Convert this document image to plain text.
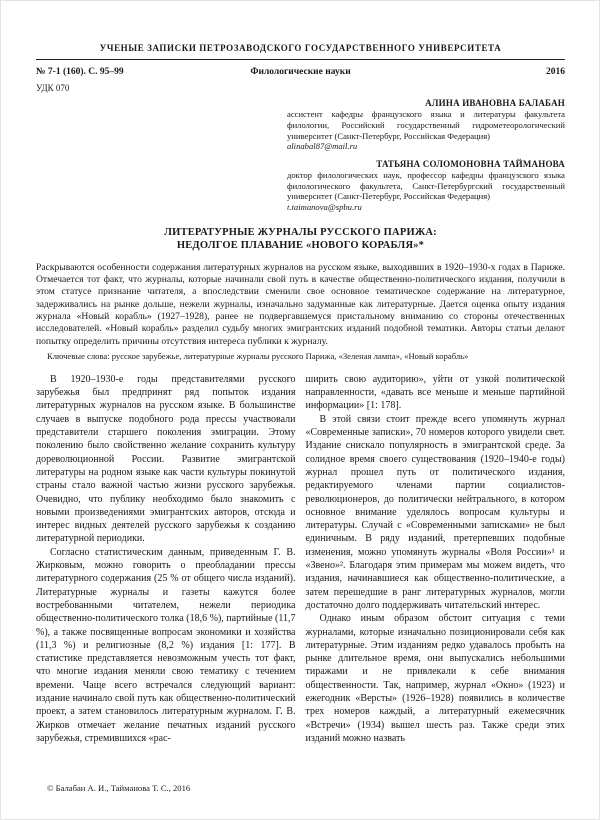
УЧЕНЫЕ ЗАПИСКИ ПЕТРОЗАВОДСКОГО ГОСУДАРСТВЕННОГО УНИВЕРСИТЕТА
№ 7-1 (160). С. 95–99	Филологические науки	2016
УДК 070
АЛИНА ИВАНОВНА БАЛАБАН
ассистент кафедры французского языка и литературы факультета филологии, Российский государственный гидрометеорологический университет (Санкт-Петербург, Российская Федерация)
alinabal87@mail.ru
ТАТЬЯНА СОЛОМОНОВНА ТАЙМАНОВА
доктор филологических наук, профессор кафедры французского языка филологического факультета, Санкт-Петербургский государственный университет (Санкт-Петербург, Российская Федерация)
t.taimanova@spbu.ru
ЛИТЕРАТУРНЫЕ ЖУРНАЛЫ РУССКОГО ПАРИЖА:
НЕДОЛГОЕ ПЛАВАНИЕ «НОВОГО КОРАБЛЯ»*
Раскрываются особенности содержания литературных журналов на русском языке, выходивших в 1920–1930-х годах в Париже. Отмечается тот факт, что журналы, которые начинали свой путь в качестве общественно-политического издания, получили в этом статусе признание читателя, а впоследствии сменили свое основное тематическое содержание на литературное, задерживались на рынке дольше, нежели журналы, изначально задуманные как литературные. Дается оценка опыту издания журнала «Новый корабль» (1927–1928), ранее не подвергавшемуся пристальному вниманию со стороны отечественных исследователей. «Новый корабль» разделил судьбу многих эмигрантских изданий подобной тематики. Авторы статьи делают попытку определить причины отсутствия интереса публики к журналу.
Ключевые слова: русское зарубежье, литературные журналы русского Парижа, «Зеленая лампа», «Новый корабль»

В 1920–1930-е годы представителями русского зарубежья был предпринят ряд попыток издания литературных журналов на русском языке. В большинстве случаев в выпуске подобного рода прессы участвовали представители старшего поколения эмиграции. Этому поколению было свойственно желание сохранить культуру дореволюционной России. Развитие эмигрантской литературы на родном языке как части культуры покинутой страны стало важной частью жизни русского зарубежья. Очевидно, что публику необходимо было знакомить с новыми произведениями эмигрантских авторов, отсюда и интерес видных деятелей русского зарубежья к созданию литературной периодики.

Согласно статистическим данным, приведенным Г. В. Жирковым, можно говорить о преобладании прессы литературного содержания (25 % от общего числа изданий). Литературные журналы и газеты кажутся более востребованными читателем, нежели периодика общественно-политического толка (18,6 %), партийные (11,7 %), а также посвященные вопросам экономики и хозяйства (11,3 %) и религиозные (8,2 %) издания [1: 177]. В статистике представляется невозможным учесть тот факт, что многие издания меняли свою тематику с течением времени. Чаще всего встречался следующий вариант: издание начинало свой путь как общественно-политический проект, а затем становилось литературным журналом. Г. В. Жирков отмечает желание печатных изданий русского зарубежья, стремившихся «рас-

ширить свою аудиторию», уйти от узкой политической направленности, «давать все меньше и меньше партийной информации» [1: 178].

В этой связи стоит прежде всего упомянуть журнал «Современные записки», 70 номеров которого увидели свет. Издание снискало популярность в эмигрантской среде. За солидное время своего существования (1920–1940-е годы) журнал прошел путь от политического издания, редактируемого членами партии социалистов-революционеров, до политически нейтрального, в котором основное внимание уделялось вопросам культуры и литературы. Случай с «Современными записками» не был единичным. В ряду изданий, претерпевших подобные изменения, можно упомянуть журналы «Воля России»¹ и «Звено»². Благодаря этим примерам мы можем видеть, что издания, начинавшиеся как общественно-политические, а затем перешедшие в ранг литературных журналов, могли достаточно долго поддерживать читательский интерес.

Однако иным образом обстоит ситуация с теми журналами, которые изначально позиционировали себя как литературные. Этим изданиям редко удавалось пробыть на рынке длительное время, они выпускались небольшими тиражами и не привлекали к себе внимания общественности. Так, например, журнал «Окно» (1923) и ежегодник «Версты» (1926–1928) появились в количестве трех номеров каждый, а литературный ежемесячник «Встречи» (1934) вышел шесть раз. Также среди этих изданий можно назвать

© Балабан А. И., Тайманова Т. С., 2016
